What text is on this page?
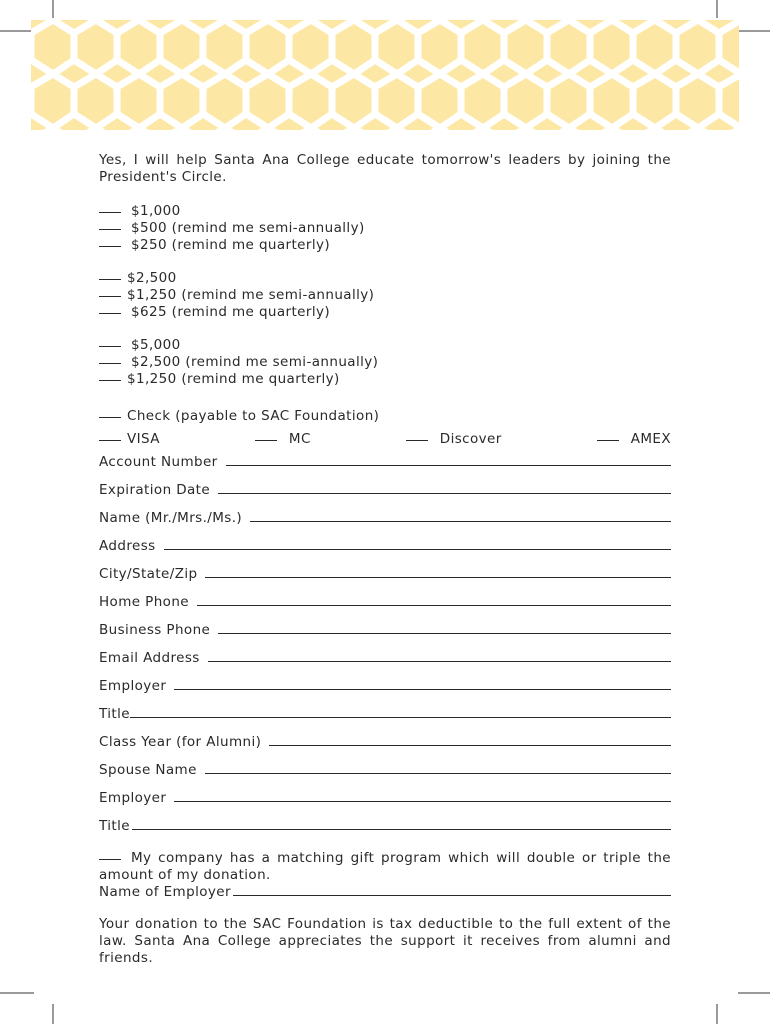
Yes, I will help Santa Ana College educate tomorrow's leaders by joining the President's Circle.
$1,000
$500 (remind me semi-annually)
$250 (remind me quarterly)
$2,500
$1,250 (remind me semi-annually)
$625 (remind me quarterly)
$5,000
$2,500 (remind me semi-annually)
$1,250 (remind me quarterly)
Check (payable to SAC Foundation)
VISA	MC	Discover	AMEX
Account Number
Expiration Date
Name (Mr./Mrs./Ms.)
Address
City/State/Zip
Home Phone
Business Phone
Email Address
Employer
Title
Class Year (for Alumni)
Spouse Name
Employer
Title
My company has a matching gift program which will double or triple the amount of my donation.
Name of Employer
Your donation to the SAC Foundation is tax deductible to the full extent of the law. Santa Ana College appreciates the support it receives from alumni and friends.
